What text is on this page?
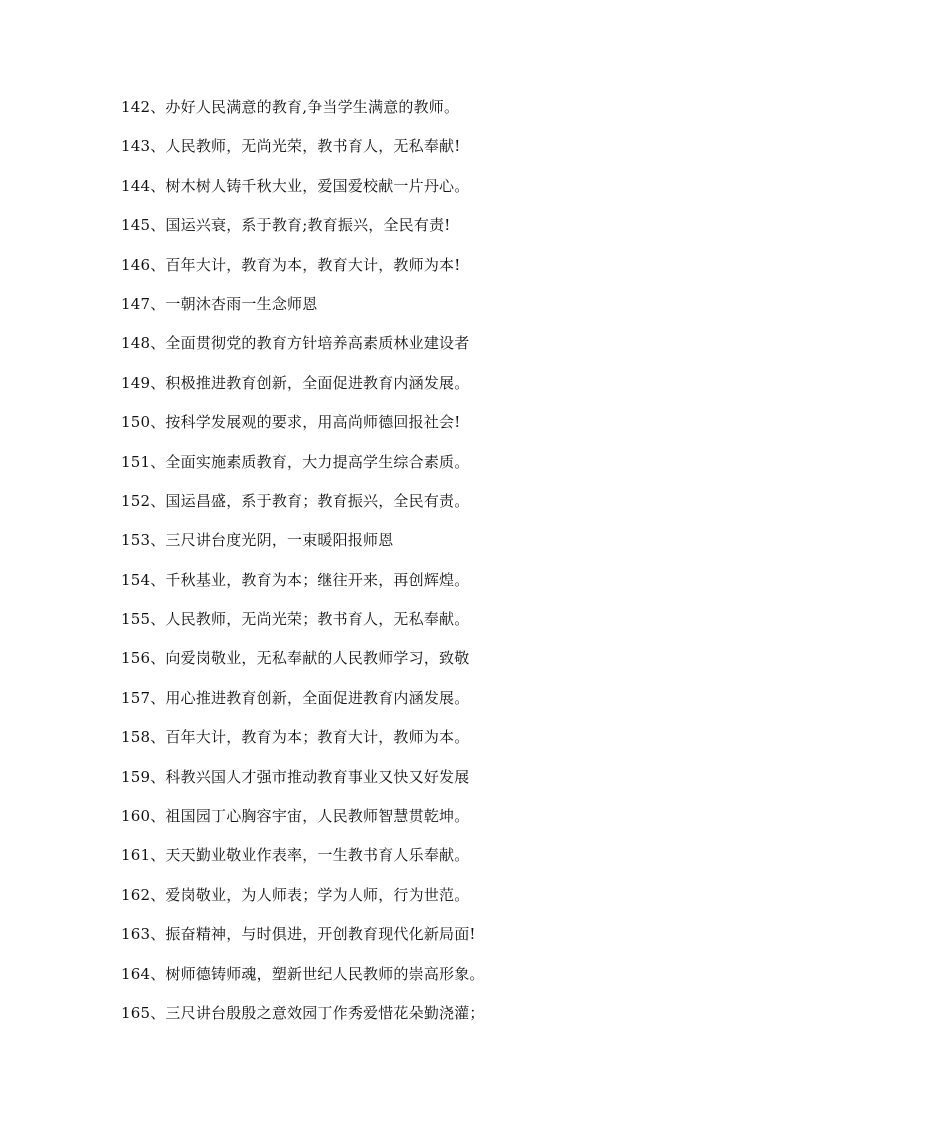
142、办好人民满意的教育,争当学生满意的教师。
143、人民教师，无尚光荣，教书育人，无私奉献!
144、树木树人铸千秋大业，爱国爱校献一片丹心。
145、国运兴衰，系于教育;教育振兴，全民有责!
146、百年大计，教育为本，教育大计，教师为本!
147、一朝沐杏雨一生念师恩
148、全面贯彻党的教育方针培养高素质林业建设者
149、积极推进教育创新，全面促进教育内涵发展。
150、按科学发展观的要求，用高尚师德回报社会!
151、全面实施素质教育，大力提高学生综合素质。
152、国运昌盛，系于教育；教育振兴，全民有责。
153、三尺讲台度光阴，一束暖阳报师恩
154、千秋基业，教育为本；继往开来，再创辉煌。
155、人民教师，无尚光荣；教书育人，无私奉献。
156、向爱岗敬业，无私奉献的人民教师学习，致敬
157、用心推进教育创新，全面促进教育内涵发展。
158、百年大计，教育为本；教育大计，教师为本。
159、科教兴国人才强市推动教育事业又快又好发展
160、祖国园丁心胸容宇宙，人民教师智慧贯乾坤。
161、天天勤业敬业作表率，一生教书育人乐奉献。
162、爱岗敬业，为人师表；学为人师，行为世范。
163、振奋精神，与时俱进，开创教育现代化新局面!
164、树师德铸师魂，塑新世纪人民教师的崇高形象。
165、三尺讲台殷殷之意效园丁作秀爱惜花朵勤浇灌；
